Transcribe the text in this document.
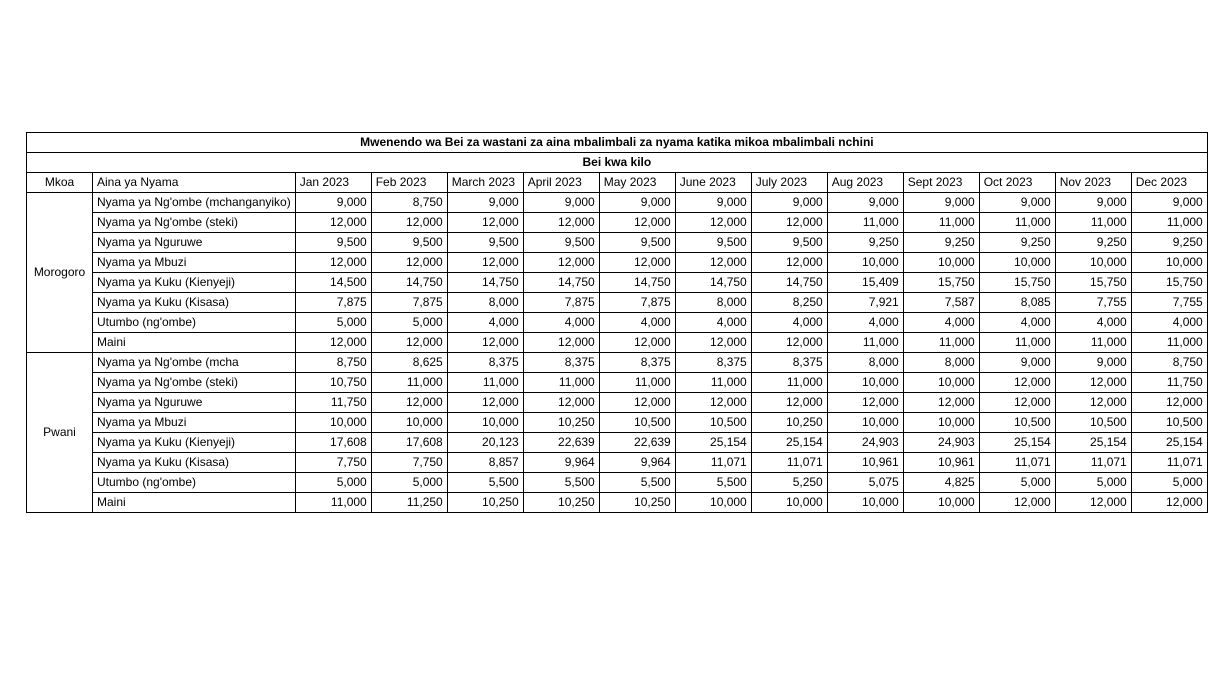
Mwenendo wa Bei za wastani za aina mbalimbali za nyama katika mikoa mbalimbali nchini													
Bei kwa kilo													
Mkoa	Aina ya Nyama	Jan 2023	Feb 2023	March 2023	April 2023	May 2023	June 2023	July 2023	Aug 2023	Sept 2023	Oct 2023	Nov 2023	Dec 2023
Morogoro	Nyama ya Ng'ombe (mchanganyiko)	9,000	8,750	9,000	9,000	9,000	9,000	9,000	9,000	9,000	9,000	9,000	9,000
	Nyama ya Ng'ombe (steki)	12,000	12,000	12,000	12,000	12,000	12,000	12,000	11,000	11,000	11,000	11,000	11,000
	Nyama ya Nguruwe	9,500	9,500	9,500	9,500	9,500	9,500	9,500	9,250	9,250	9,250	9,250	9,250
	Nyama ya Mbuzi	12,000	12,000	12,000	12,000	12,000	12,000	12,000	10,000	10,000	10,000	10,000	10,000
	Nyama ya Kuku (Kienyeji)	14,500	14,750	14,750	14,750	14,750	14,750	14,750	15,409	15,750	15,750	15,750	15,750
	Nyama ya Kuku (Kisasa)	7,875	7,875	8,000	7,875	7,875	8,000	8,250	7,921	7,587	8,085	7,755	7,755
	Utumbo (ng'ombe)	5,000	5,000	4,000	4,000	4,000	4,000	4,000	4,000	4,000	4,000	4,000	4,000
	Maini	12,000	12,000	12,000	12,000	12,000	12,000	12,000	11,000	11,000	11,000	11,000	11,000
Pwani	Nyama ya Ng'ombe (mcha	8,750	8,625	8,375	8,375	8,375	8,375	8,375	8,000	8,000	9,000	9,000	8,750
	Nyama ya Ng'ombe (steki)	10,750	11,000	11,000	11,000	11,000	11,000	11,000	10,000	10,000	12,000	12,000	11,750
	Nyama ya Nguruwe	11,750	12,000	12,000	12,000	12,000	12,000	12,000	12,000	12,000	12,000	12,000	12,000
	Nyama ya Mbuzi	10,000	10,000	10,000	10,250	10,500	10,500	10,250	10,000	10,000	10,500	10,500	10,500
	Nyama ya Kuku (Kienyeji)	17,608	17,608	20,123	22,639	22,639	25,154	25,154	24,903	24,903	25,154	25,154	25,154
	Nyama ya Kuku (Kisasa)	7,750	7,750	8,857	9,964	9,964	11,071	11,071	10,961	10,961	11,071	11,071	11,071
	Utumbo (ng'ombe)	5,000	5,000	5,500	5,500	5,500	5,500	5,250	5,075	4,825	5,000	5,000	5,000
	Maini	11,000	11,250	10,250	10,250	10,250	10,000	10,000	10,000	10,000	12,000	12,000	12,000
